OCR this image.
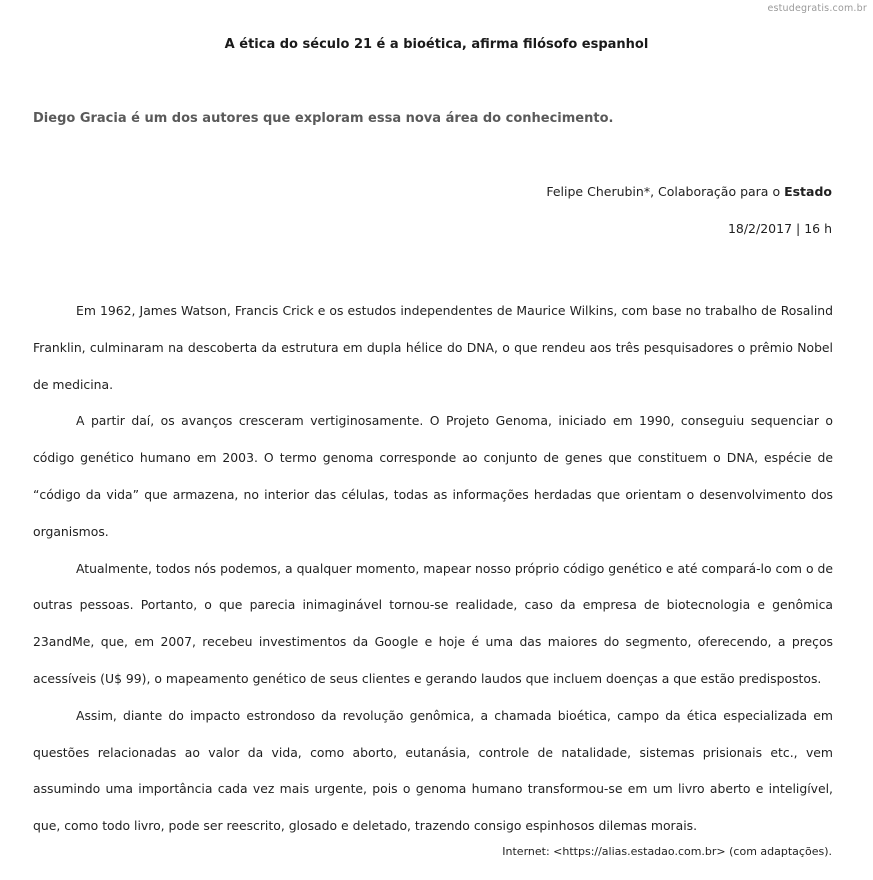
estudegratis.com.br
A ética do século 21 é a bioética, afirma filósofo espanhol
Diego Gracia é um dos autores que exploram essa nova área do conhecimento.
Felipe Cherubin*, Colaboração para o Estado
18/2/2017 | 16 h

Em 1962, James Watson, Francis Crick e os estudos independentes de Maurice Wilkins, com base no trabalho de Rosalind Franklin, culminaram na descoberta da estrutura em dupla hélice do DNA, o que rendeu aos três pesquisadores o prêmio Nobel de medicina.

A partir daí, os avanços cresceram vertiginosamente. O Projeto Genoma, iniciado em 1990, conseguiu sequenciar o código genético humano em 2003. O termo genoma corresponde ao conjunto de genes que constituem o DNA, espécie de “código da vida” que armazena, no interior das células, todas as informações herdadas que orientam o desenvolvimento dos organismos.

Atualmente, todos nós podemos, a qualquer momento, mapear nosso próprio código genético e até compará-lo com o de outras pessoas. Portanto, o que parecia inimaginável tornou-se realidade, caso da empresa de biotecnologia e genômica 23andMe, que, em 2007, recebeu investimentos da Google e hoje é uma das maiores do segmento, oferecendo, a preços acessíveis (U$ 99), o mapeamento genético de seus clientes e gerando laudos que incluem doenças a que estão predispostos.

Assim, diante do impacto estrondoso da revolução genômica, a chamada bioética, campo da ética especializada em questões relacionadas ao valor da vida, como aborto, eutanásia, controle de natalidade, sistemas prisionais etc., vem assumindo uma importância cada vez mais urgente, pois o genoma humano transformou-se em um livro aberto e inteligível, que, como todo livro, pode ser reescrito, glosado e deletado, trazendo consigo espinhosos dilemas morais.

Internet: <https://alias.estadao.com.br> (com adaptações).
